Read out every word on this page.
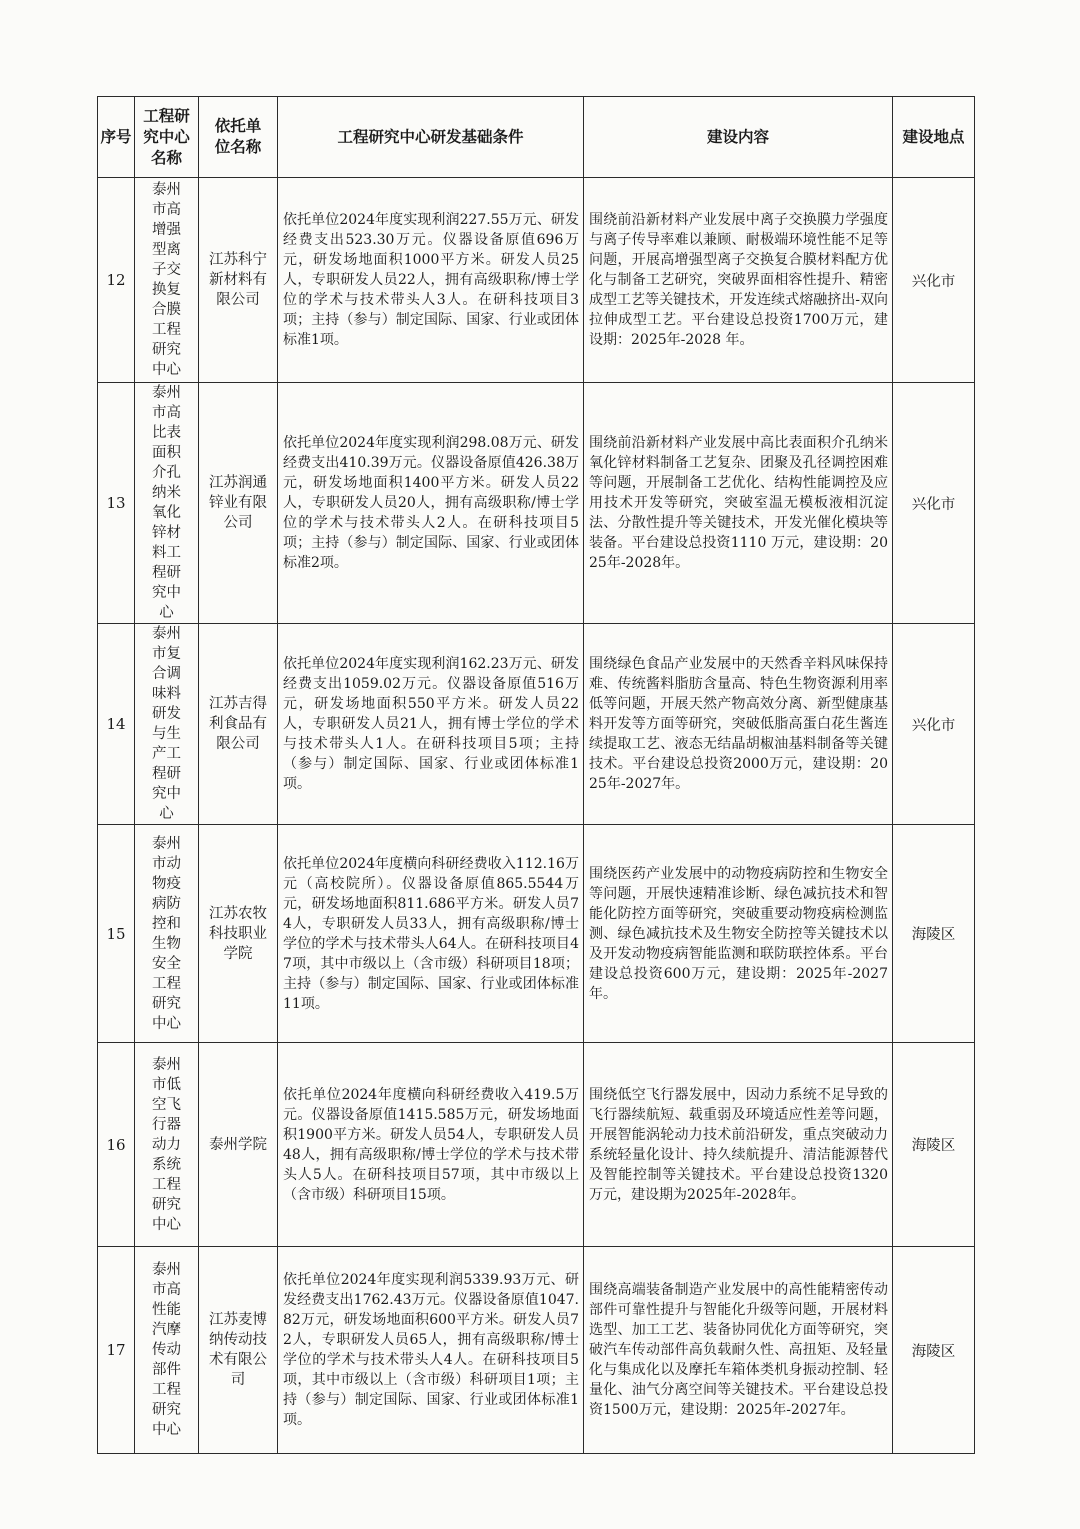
序号	工程研究中心名称	依托单位名称	工程研究中心研发基础条件	建设内容	建设地点

12	泰州市高增强型离子交换复合膜工程研究中心	江苏科宁新材料有限公司	依托单位2024年度实现利润227.55万元、研发经费支出523.30万元。仪器设备原值696万元，研发场地面积1000平方米。研发人员25人，专职研发人员22人，拥有高级职称/博士学位的学术与技术带头人3人。在研科技项目3项；主持（参与）制定国际、国家、行业或团体标准1项。	围绕前沿新材料产业发展中离子交换膜力学强度与离子传导率难以兼顾、耐极端环境性能不足等问题，开展高增强型离子交换复合膜材料配方优化与制备工艺研究，突破界面相容性提升、精密成型工艺等关键技术，开发连续式熔融挤出-双向拉伸成型工艺。平台建设总投资1700万元，建设期：2025年-2028 年。	兴化市

13	泰州市高比表面积介孔纳米氧化锌材料工程研究中心	江苏润通锌业有限公司	依托单位2024年度实现利润298.08万元、研发经费支出410.39万元。仪器设备原值426.38万元，研发场地面积1400平方米。研发人员22人，专职研发人员20人，拥有高级职称/博士学位的学术与技术带头人2人。在研科技项目5项；主持（参与）制定国际、国家、行业或团体标准2项。	围绕前沿新材料产业发展中高比表面积介孔纳米氧化锌材料制备工艺复杂、团聚及孔径调控困难等问题，开展制备工艺优化、结构性能调控及应用技术开发等研究，突破室温无模板液相沉淀法、分散性提升等关键技术，开发光催化模块等装备。平台建设总投资1110 万元，建设期：2025年-2028年。	兴化市

14	泰州市复合调味料研发与生产工程研究中心	江苏吉得利食品有限公司	依托单位2024年度实现利润162.23万元、研发经费支出1059.02万元。仪器设备原值516万元，研发场地面积550平方米。研发人员22人，专职研发人员21人，拥有博士学位的学术与技术带头人1人。在研科技项目5项；主持（参与）制定国际、国家、行业或团体标准1项。	围绕绿色食品产业发展中的天然香辛料风味保持难、传统酱料脂肪含量高、特色生物资源利用率低等问题，开展天然产物高效分离、新型健康基料开发等方面等研究，突破低脂高蛋白花生酱连续提取工艺、液态无结晶胡椒油基料制备等关键技术。平台建设总投资2000万元，建设期：2025年-2027年。	兴化市

15	泰州市动物疫病防控和生物安全工程研究中心	江苏农牧科技职业学院	依托单位2024年度横向科研经费收入112.16万元（高校院所）。仪器设备原值865.5544万元，研发场地面积811.686平方米。研发人员74人，专职研发人员33人，拥有高级职称/博士学位的学术与技术带头人64人。在研科技项目47项，其中市级以上（含市级）科研项目18项；主持（参与）制定国际、国家、行业或团体标准11项。	围绕医药产业发展中的动物疫病防控和生物安全等问题，开展快速精准诊断、绿色减抗技术和智能化防控方面等研究，突破重要动物疫病检测监测、绿色减抗技术及生物安全防控等关键技术以及开发动物疫病智能监测和联防联控体系。平台建设总投资600万元，建设期：2025年-2027年。	海陵区

16	泰州市低空飞行器动力系统工程研究中心	泰州学院	依托单位2024年度横向科研经费收入419.5万元。仪器设备原值1415.585万元，研发场地面积1900平方米。研发人员54人，专职研发人员48人，拥有高级职称/博士学位的学术与技术带头人5人。在研科技项目57项，其中市级以上（含市级）科研项目15项。	围绕低空飞行器发展中，因动力系统不足导致的飞行器续航短、载重弱及环境适应性差等问题，开展智能涡轮动力技术前沿研发，重点突破动力系统轻量化设计、持久续航提升、清洁能源替代及智能控制等关键技术。平台建设总投资1320万元，建设期为2025年-2028年。	海陵区

17	泰州市高性能汽摩传动部件工程研究中心	江苏麦博纳传动技术有限公司	依托单位2024年度实现利润5339.93万元、研发经费支出1762.43万元。仪器设备原值1047.82万元，研发场地面积600平方米。研发人员72人，专职研发人员65人，拥有高级职称/博士学位的学术与技术带头人4人。在研科技项目5项，其中市级以上（含市级）科研项目1项；主持（参与）制定国际、国家、行业或团体标准1项。	围绕高端装备制造产业发展中的高性能精密传动部件可靠性提升与智能化升级等问题，开展材料选型、加工工艺、装备协同优化方面等研究，突破汽车传动部件高负载耐久性、高扭矩、及轻量化与集成化以及摩托车箱体类机身振动控制、轻量化、油气分离空间等关键技术。平台建设总投资1500万元，建设期：2025年-2027年。	海陵区
